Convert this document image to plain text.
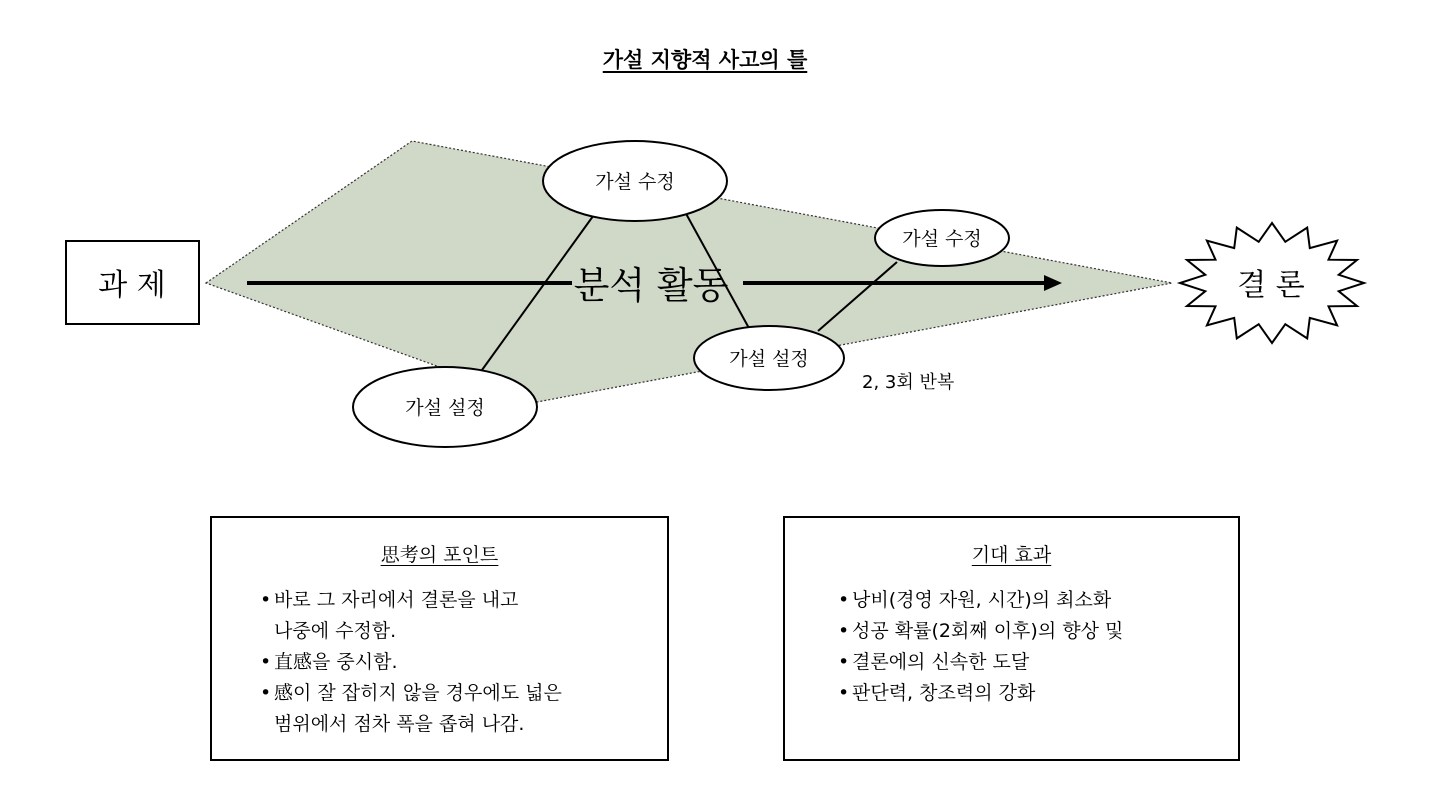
가설 지향적 사고의 틀
분석 활동
과 제
가설 수정
가설 수정
가설 설정
가설 설정
2, 3회 반복
결 론
思考의 포인트
• 바로 그 자리에서 결론을 내고
나중에 수정함.
• 直感을 중시함.
• 感이 잘 잡히지 않을 경우에도 넓은
범위에서 점차 폭을 좁혀 나감.
기대 효과
• 낭비(경영 자원, 시간)의 최소화
• 성공 확률(2회째 이후)의 향상 및
• 결론에의 신속한 도달
• 판단력, 창조력의 강화
